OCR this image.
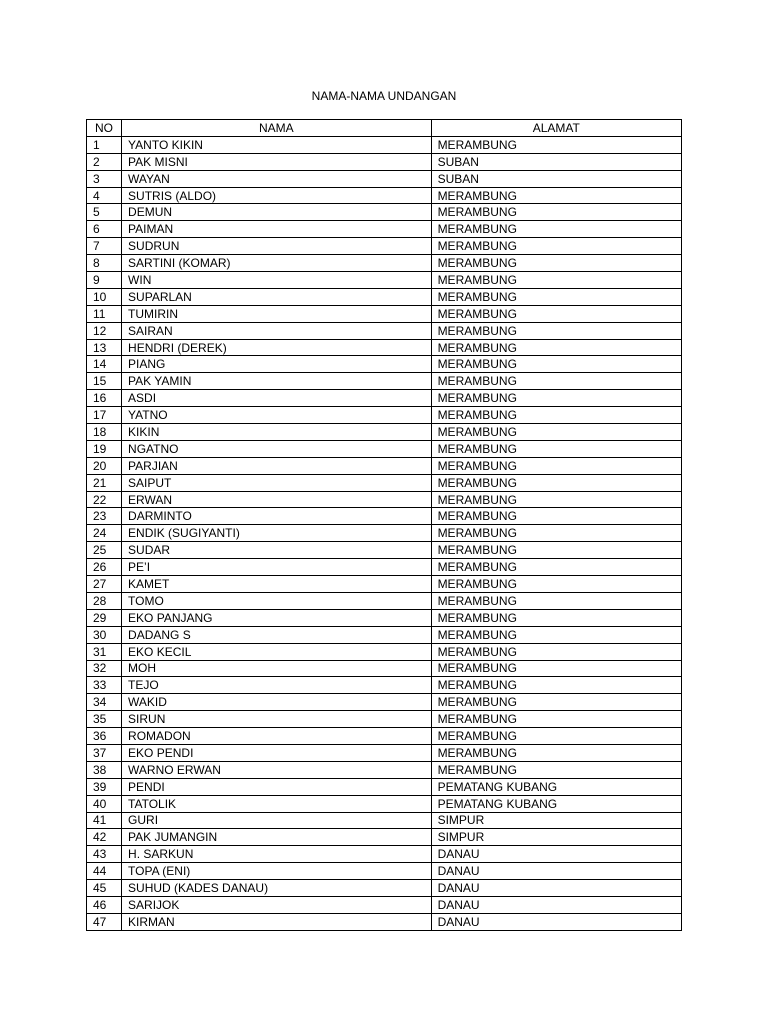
NAMA-NAMA UNDANGAN
NO	NAMA	ALAMAT
1	YANTO KIKIN	MERAMBUNG
2	PAK MISNI	SUBAN
3	WAYAN	SUBAN
4	SUTRIS (ALDO)	MERAMBUNG
5	DEMUN	MERAMBUNG
6	PAIMAN	MERAMBUNG
7	SUDRUN	MERAMBUNG
8	SARTINI (KOMAR)	MERAMBUNG
9	WIN	MERAMBUNG
10	SUPARLAN	MERAMBUNG
11	TUMIRIN	MERAMBUNG
12	SAIRAN	MERAMBUNG
13	HENDRI (DEREK)	MERAMBUNG
14	PIANG	MERAMBUNG
15	PAK YAMIN	MERAMBUNG
16	ASDI	MERAMBUNG
17	YATNO	MERAMBUNG
18	KIKIN	MERAMBUNG
19	NGATNO	MERAMBUNG
20	PARJIAN	MERAMBUNG
21	SAIPUT	MERAMBUNG
22	ERWAN	MERAMBUNG
23	DARMINTO	MERAMBUNG
24	ENDIK (SUGIYANTI)	MERAMBUNG
25	SUDAR	MERAMBUNG
26	PE’I	MERAMBUNG
27	KAMET	MERAMBUNG
28	TOMO	MERAMBUNG
29	EKO PANJANG	MERAMBUNG
30	DADANG S	MERAMBUNG
31	EKO KECIL	MERAMBUNG
32	MOH	MERAMBUNG
33	TEJO	MERAMBUNG
34	WAKID	MERAMBUNG
35	SIRUN	MERAMBUNG
36	ROMADON	MERAMBUNG
37	EKO PENDI	MERAMBUNG
38	WARNO ERWAN	MERAMBUNG
39	PENDI	PEMATANG KUBANG
40	TATOLIK	PEMATANG KUBANG
41	GURI	SIMPUR
42	PAK JUMANGIN	SIMPUR
43	H. SARKUN	DANAU
44	TOPA (ENI)	DANAU
45	SUHUD (KADES DANAU)	DANAU
46	SARIJOK	DANAU
47	KIRMAN	DANAU
